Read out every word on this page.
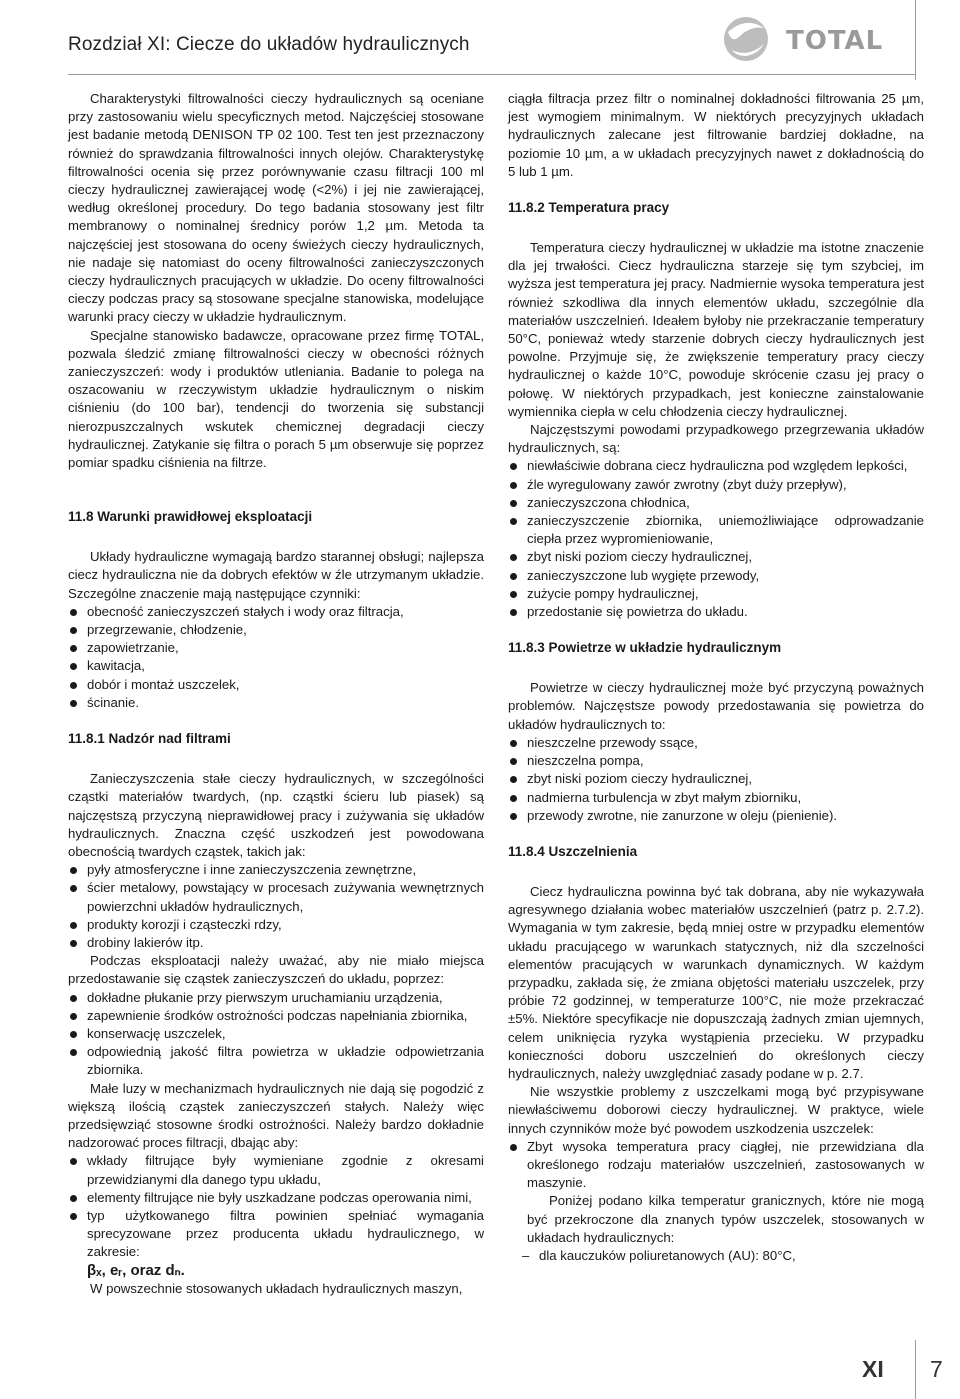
Rozdział XI: Ciecze do układów hydraulicznych	TOTAL

Charakterystyki filtrowalności cieczy hydraulicznych są oceniane przy zastosowaniu wielu specyficznych metod. Najczęściej stosowane jest badanie metodą DENISON TP 02 100. Test ten jest przeznaczony również do sprawdzania filtrowalności innych olejów. Charakterystykę filtrowalności ocenia się przez porównywanie czasu filtracji 100 ml cieczy hydraulicznej zawierającej wodę (<2%) i jej nie zawierającej, według określonej procedury. Do tego badania stosowany jest filtr membranowy o nominalnej średnicy porów 1,2 µm. Metoda ta najczęściej jest stosowana do oceny świeżych cieczy hydraulicznych, nie nadaje się natomiast do oceny filtrowalności zanieczyszczonych cieczy hydraulicznych pracujących w układzie. Do oceny filtrowalności cieczy podczas pracy są stosowane specjalne stanowiska, modelujące warunki pracy cieczy w układzie hydraulicznym.

Specjalne stanowisko badawcze, opracowane przez firmę TOTAL, pozwala śledzić zmianę filtrowalności cieczy w obecności różnych zanieczyszczeń: wody i produktów utleniania. Badanie to polega na oszacowaniu w rzeczywistym układzie hydraulicznym o niskim ciśnieniu (do 100 bar), tendencji do tworzenia się substancji nierozpuszczalnych wskutek chemicznej degradacji cieczy hydraulicznej. Zatykanie się filtra o porach 5 µm obserwuje się poprzez pomiar spadku ciśnienia na filtrze.

11.8 Warunki prawidłowej eksploatacji

Układy hydrauliczne wymagają bardzo starannej obsługi; najlepsza ciecz hydrauliczna nie da dobrych efektów w źle utrzymanym układzie. Szczególne znaczenie mają następujące czynniki:

obecność zanieczyszczeń stałych i wody oraz filtracja,
przegrzewanie, chłodzenie,
zapowietrzanie,
kawitacja,
dobór i montaż uszczelek,
ścinanie.
11.8.1 Nadzór nad filtrami

Zanieczyszczenia stałe cieczy hydraulicznych, w szczególności cząstki materiałów twardych, (np. cząstki ścieru lub piasek) są najczęstszą przyczyną nieprawidłowej pracy i zużywania się układów hydraulicznych. Znaczna część uszkodzeń jest powodowana obecnością twardych cząstek, takich jak:

pyły atmosferyczne i inne zanieczyszczenia zewnętrzne,
ścier metalowy, powstający w procesach zużywania wewnętrznych powierzchni układów hydraulicznych,
produkty korozji i cząsteczki rdzy,
drobiny lakierów itp.

Podczas eksploatacji należy uważać, aby nie miało miejsca przedostawanie się cząstek zanieczyszczeń do układu, poprzez:

dokładne płukanie przy pierwszym uruchamianiu urządzenia,
zapewnienie środków ostrożności podczas napełniania zbiornika,
konserwację uszczelek,
odpowiednią jakość filtra powietrza w układzie odpowietrzania zbiornika.

Małe luzy w mechanizmach hydraulicznych nie dają się pogodzić z większą ilością cząstek zanieczyszczeń stałych. Należy więc przedsięwziąć stosowne środki ostrożności. Należy bardzo dokładnie nadzorować proces filtracji, dbając aby:

wkłady filtrujące były wymieniane zgodnie z okresami przewidzianymi dla danego typu układu,
elementy filtrujące nie były uszkadzane podczas operowania nimi,
typ użytkowanego filtra powinien spełniać wymagania sprecyzowane przez producenta układu hydraulicznego, w zakresie:

βₓ, eᵣ, oraz dₙ.

W powszechnie stosowanych układach hydraulicznych maszyn,

ciągła filtracja przez filtr o nominalnej dokładności filtrowania 25 µm, jest wymogiem minimalnym. W niektórych precyzyjnych układach hydraulicznych zalecane jest filtrowanie bardziej dokładne, na poziomie 10 µm, a w układach precyzyjnych nawet z dokładnością do 5 lub 1 µm.

11.8.2 Temperatura pracy

Temperatura cieczy hydraulicznej w układzie ma istotne znaczenie dla jej trwałości. Ciecz hydrauliczna starzeje się tym szybciej, im wyższa jest temperatura jej pracy. Nadmiernie wysoka temperatura jest również szkodliwa dla innych elementów układu, szczególnie dla materiałów uszczelnień. Ideałem byłoby nie przekraczanie temperatury 50°C, ponieważ wtedy starzenie dobrych cieczy hydraulicznych jest powolne. Przyjmuje się, że zwiększenie temperatury pracy cieczy hydraulicznej o każde 10°C, powoduje skrócenie czasu jej pracy o połowę. W niektórych przypadkach, jest konieczne zainstalowanie wymiennika ciepła w celu chłodzenia cieczy hydraulicznej.

Najczęstszymi powodami przypadkowego przegrzewania układów hydraulicznych, są:

niewłaściwie dobrana ciecz hydrauliczna pod względem lepkości,
źle wyregulowany zawór zwrotny (zbyt duży przepływ),
zanieczyszczona chłodnica,
zanieczyszczenie zbiornika, uniemożliwiające odprowadzanie ciepła przez wypromieniowanie,
zbyt niski poziom cieczy hydraulicznej,
zanieczyszczone lub wygięte przewody,
zużycie pompy hydraulicznej,
przedostanie się powietrza do układu.
11.8.3 Powietrze w układzie hydraulicznym

Powietrze w cieczy hydraulicznej może być przyczyną poważnych problemów. Najczęstsze powody przedostawania się powietrza do układów hydraulicznych to:

nieszczelne przewody ssące,
nieszczelna pompa,
zbyt niski poziom cieczy hydraulicznej,
nadmierna turbulencja w zbyt małym zbiorniku,
przewody zwrotne, nie zanurzone w oleju (pienienie).
11.8.4 Uszczelnienia

Ciecz hydrauliczna powinna być tak dobrana, aby nie wykazywała agresywnego działania wobec materiałów uszczelnień (patrz p. 2.7.2). Wymagania w tym zakresie, będą mniej ostre w przypadku elementów układu pracującego w warunkach statycznych, niż dla szczelności elementów pracujących w warunkach dynamicznych. W każdym przypadku, zakłada się, że zmiana objętości materiału uszczelek, przy próbie 72 godzinnej, w temperaturze 100°C, nie może przekraczać ±5%. Niektóre specyfikacje nie dopuszczają żadnych zmian ujemnych, celem uniknięcia ryzyka wystąpienia przecieku. W przypadku konieczności doboru uszczelnień do określonych cieczy hydraulicznych, należy uwzględniać zasady podane w p. 2.7.

Nie wszystkie problemy z uszczelkami mogą być przypisywane niewłaściwemu doborowi cieczy hydraulicznej. W praktyce, wiele innych czynników może być powodem uszkodzenia uszczelek:

Zbyt wysoka temperatura pracy ciągłej, nie przewidziana dla określonego rodzaju materiałów uszczelnień, zastosowanych w maszynie.

Poniżej podano kilka temperatur granicznych, które nie mogą być przekroczone dla znanych typów uszczelek, stosowanych w układach hydraulicznych:

– dla kauczuków poliuretanowych (AU): 80°C,
XI 7
